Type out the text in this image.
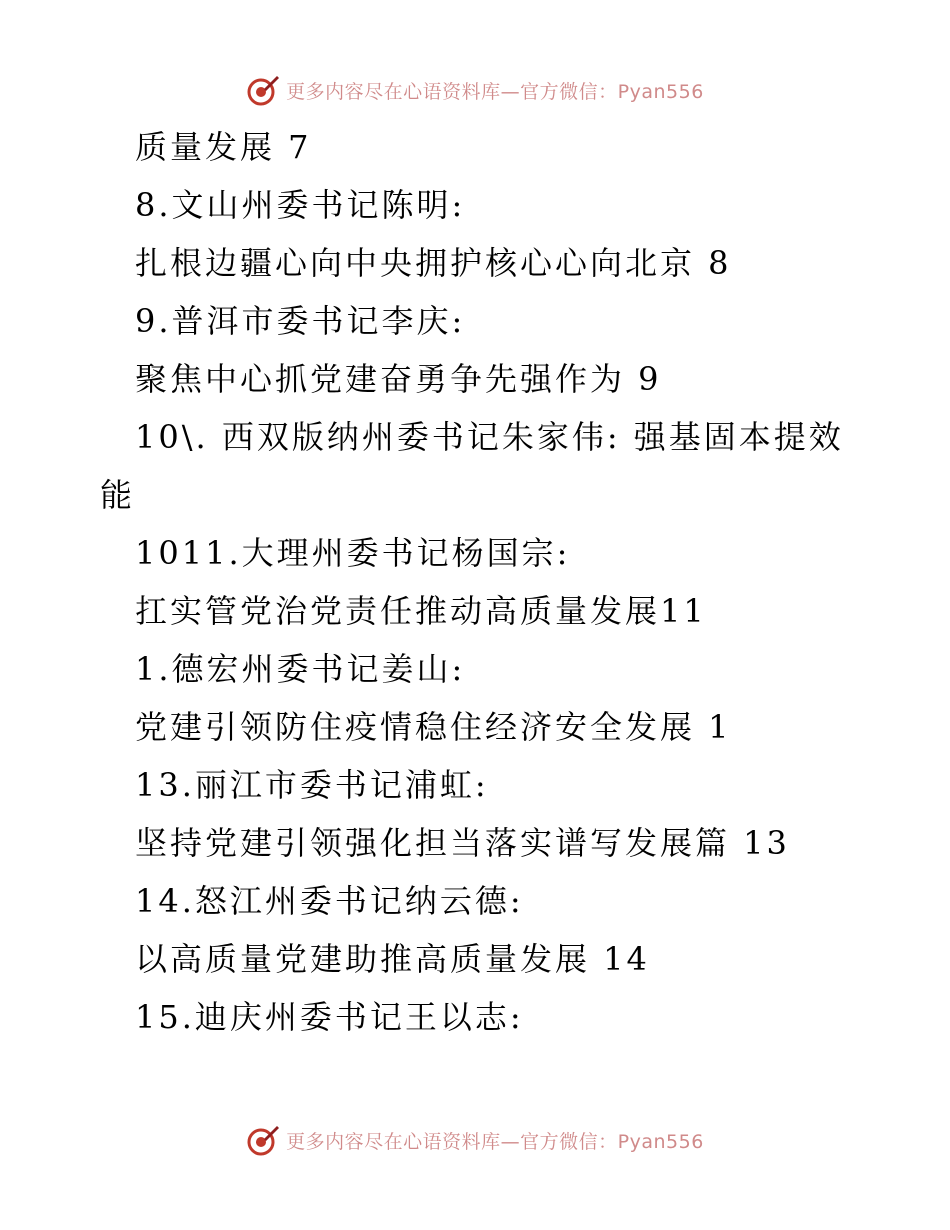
更多内容尽在心语资料库—官方微信：Pyan556
质量发展 7
8.文山州委书记陈明:
扎根边疆心向中央拥护核心心向北京 8
9.普洱市委书记李庆:
聚焦中心抓党建奋勇争先强作为 9
10\. 西双版纳州委书记朱家伟: 强基固本提效
能
1011.大理州委书记杨国宗:
扛实管党治党责任推动高质量发展11
1.德宏州委书记姜山:
党建引领防住疫情稳住经济安全发展 1
13.丽江市委书记浦虹:
坚持党建引领强化担当落实谱写发展篇 13
14.怒江州委书记纳云德:
以高质量党建助推高质量发展 14
15.迪庆州委书记王以志:
更多内容尽在心语资料库—官方微信：Pyan556
